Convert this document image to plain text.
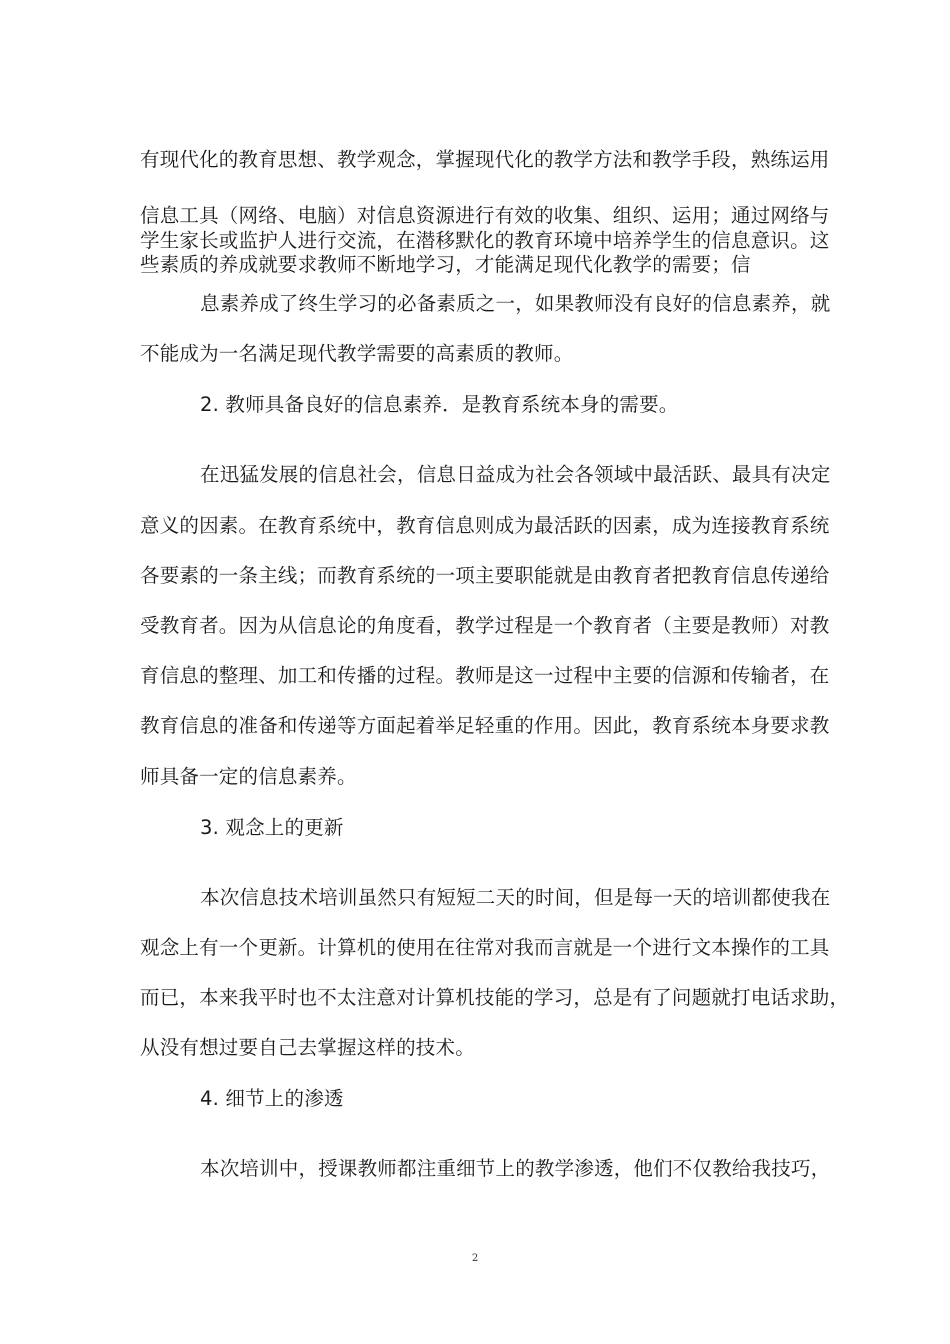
有现代化的教育思想、教学观念，掌握现代化的教学方法和教学手段，熟练运用
信息工具（网络、电脑）对信息资源进行有效的收集、组织、运用；通过网络与
学生家长或监护人进行交流，在潜移默化的教育环境中培养学生的信息意识。这
些素质的养成就要求教师不断地学习，才能满足现代化教学的需要；信
息素养成了终生学习的必备素质之一，如果教师没有良好的信息素养，就
不能成为一名满足现代教学需要的高素质的教师。
2. 教师具备良好的信息素养．是教育系统本身的需要。
在迅猛发展的信息社会，信息日益成为社会各领域中最活跃、最具有决定
意义的因素。在教育系统中，教育信息则成为最活跃的因素，成为连接教育系统
各要素的一条主线；而教育系统的一项主要职能就是由教育者把教育信息传递给
受教育者。因为从信息论的角度看，教学过程是一个教育者（主要是教师）对教
育信息的整理、加工和传播的过程。教师是这一过程中主要的信源和传输者，在
教育信息的准备和传递等方面起着举足轻重的作用。因此，教育系统本身要求教
师具备一定的信息素养。
3. 观念上的更新
本次信息技术培训虽然只有短短二天的时间，但是每一天的培训都使我在
观念上有一个更新。计算机的使用在往常对我而言就是一个进行文本操作的工具
而已，本来我平时也不太注意对计算机技能的学习，总是有了问题就打电话求助，
从没有想过要自己去掌握这样的技术。
4. 细节上的渗透
本次培训中，授课教师都注重细节上的教学渗透，他们不仅教给我技巧，
2
